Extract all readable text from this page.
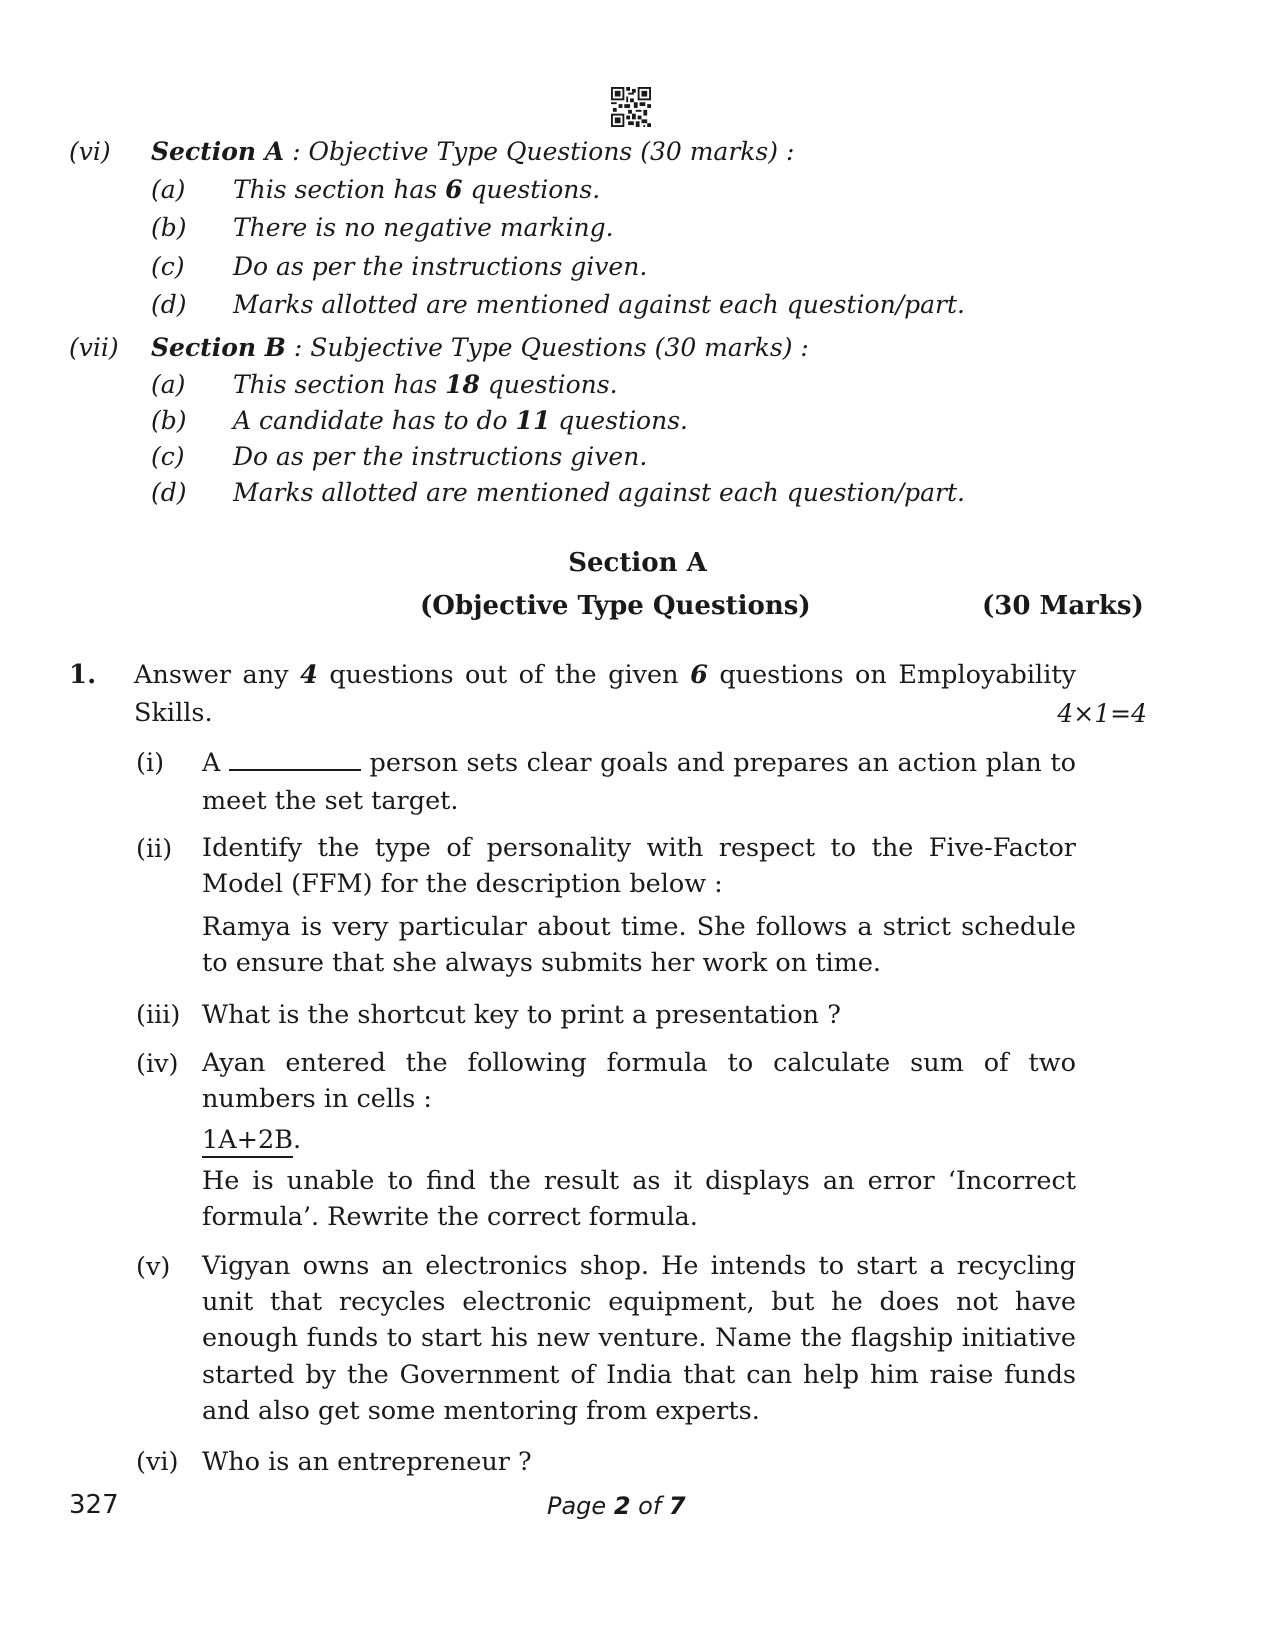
(vi) Section A : Objective Type Questions (30 marks) :
(a) This section has 6 questions.
(b) There is no negative marking.
(c) Do as per the instructions given.
(d) Marks allotted are mentioned against each question/part.
(vii) Section B : Subjective Type Questions (30 marks) :
(a) This section has 18 questions.
(b) A candidate has to do 11 questions.
(c) Do as per the instructions given.
(d) Marks allotted are mentioned against each question/part.
Section A
(Objective Type Questions)	(30 Marks)
1. Answer any 4 questions out of the given 6 questions on Employability Skills.	4×1=4
(i) A	person sets clear goals and prepares an action plan to meet the set target.
(ii) Identify the type of personality with respect to the Five-Factor Model (FFM) for the description below :
Ramya is very particular about time. She follows a strict schedule to ensure that she always submits her work on time.
(iii) What is the shortcut key to print a presentation ?
(iv) Ayan entered the following formula to calculate sum of two numbers in cells :
1A+2B.
He is unable to find the result as it displays an error ‘Incorrect formula’. Rewrite the correct formula.
(v) Vigyan owns an electronics shop. He intends to start a recycling unit that recycles electronic equipment, but he does not have enough funds to start his new venture. Name the flagship initiative started by the Government of India that can help him raise funds and also get some mentoring from experts.
(vi) Who is an entrepreneur ?
327	Page 2 of 7
